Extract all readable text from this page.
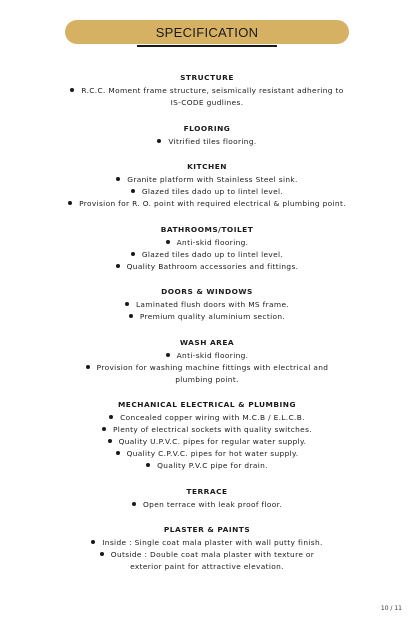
SPECIFICATION
STRUCTURE
R.C.C. Moment frame structure, seismically resistant adhering to
IS-CODE gudlines.
FLOORING
Vitrified tiles flooring.
KITCHEN
Granite platform with Stainless Steel sink.
Glazed tiles dado up to lintel level.
Provision for R. O. point with required electrical & plumbing point.
BATHROOMS/TOILET
Anti-skid flooring.
Glazed tiles dado up to lintel level.
Quality Bathroom accessories and fittings.
DOORS & WINDOWS
Laminated flush doors with MS frame.
Premium quality aluminium section.
WASH AREA
Anti-skid flooring.
Provision for washing machine fittings with electrical and
plumbing point.
MECHANICAL ELECTRICAL & PLUMBING
Concealed copper wiring with M.C.B / E.L.C.B.
Plenty of electrical sockets with quality switches.
Quality U.P.V.C. pipes for regular water supply.
Quality C.P.V.C. pipes for hot water supply.
Quality P.V.C pipe for drain.
TERRACE
Open terrace with leak proof floor.
PLASTER & PAINTS
Inside : Single coat mala plaster with wall putty finish.
Outside : Double coat mala plaster with texture or
exterior paint for attractive elevation.
10 / 11
